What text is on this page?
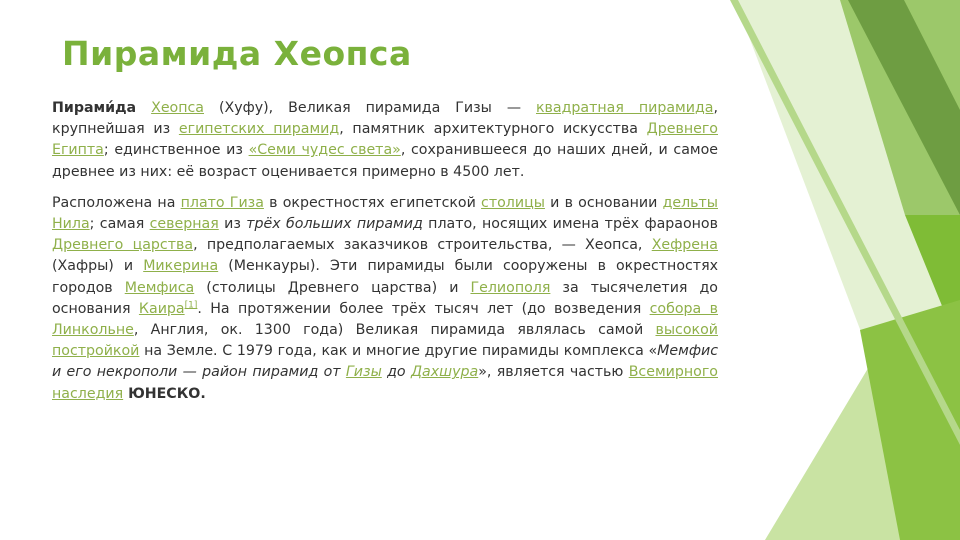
Пирамида Хеопса

Пирами́да Хеопса (Хуфу), Великая пирамида Гизы — квадратная пирамида, крупнейшая из египетских пирамид, памятник архитектурного искусства Древнего Египта; единственное из «Семи чудес света», сохранившееся до наших дней, и самое древнее из них: её возраст оценивается примерно в 4500 лет.

Расположена на плато Гиза в окрестностях египетской столицы и в основании дельты Нила; самая северная из трёх больших пирамид плато, носящих имена трёх фараонов Древнего царства, предполагаемых заказчиков строительства, — Хеопса, Хефрена (Хафры) и Микерина (Менкауры). Эти пирамиды были сооружены в окрестностях городов Мемфиса (столицы Древнего царства) и Гелиополя за тысячелетия до основания Каира[1]. На протяжении более трёх тысяч лет (до возведения собора в Линкольне, Англия, ок. 1300 года) Великая пирамида являлась самой высокой постройкой на Земле. С 1979 года, как и многие другие пирамиды комплекса «Мемфис и его некрополи — район пирамид от Гизы до Дахшура», является частью Всемирного наследия ЮНЕСКО.
